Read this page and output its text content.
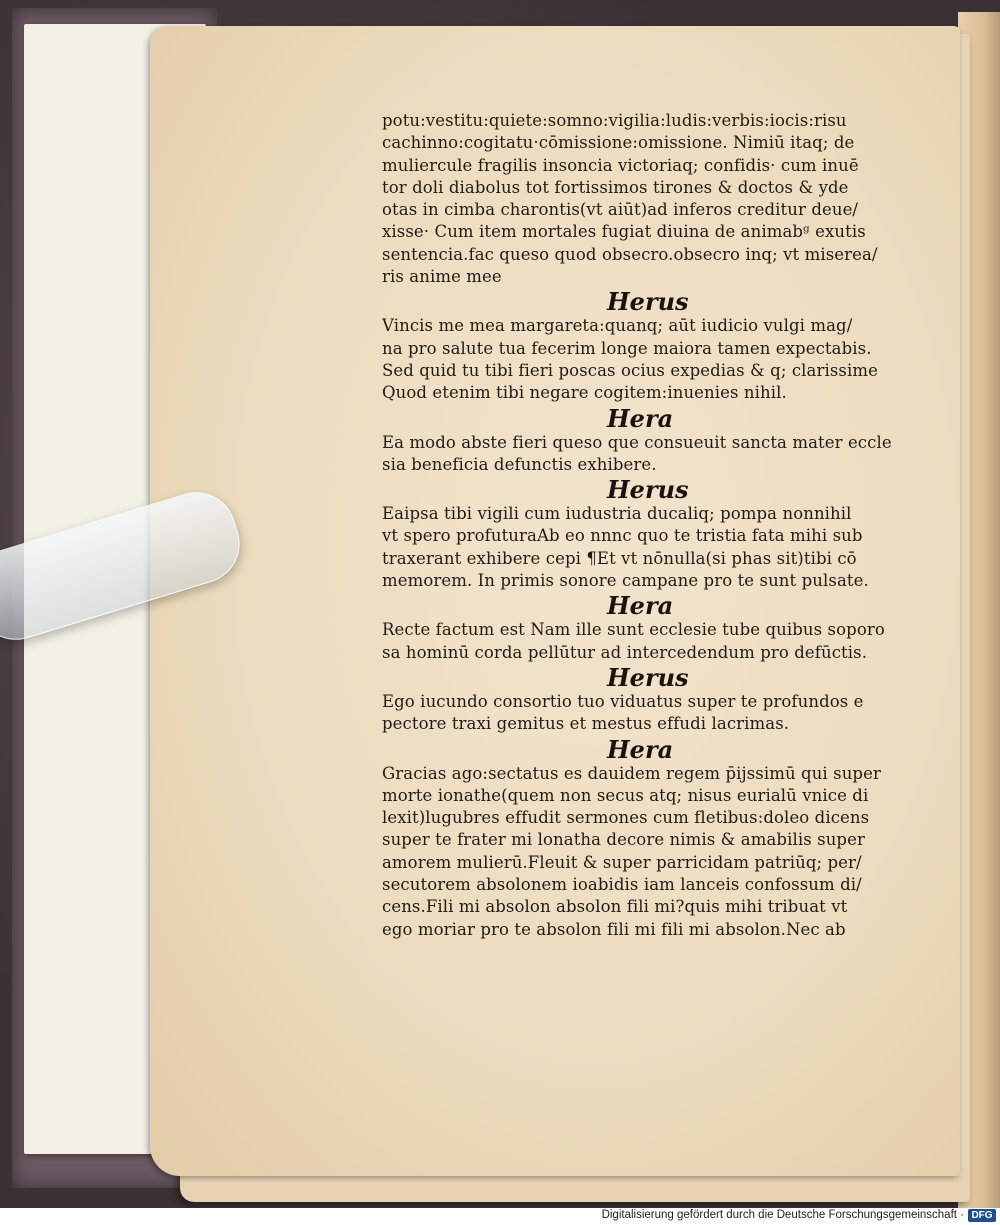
potu:vestitu:quiete:somno:vigilia:ludis:verbis:iocis:risu
cachinno:cogitatu·cōmissione:omissione. Nimiū itaq; de
muliercule fragilis insoncia victoriaq; confidis· cum inuē
tor doli diabolus tot fortissimos tirones & doctos & yde
otas in cimba charontis(vt aiūt)ad inferos creditur deue/
xisse· Cum item mortales fugiat diuina de animabᵍ exutis
sentencia.fac queso quod obsecro.obsecro inq; vt miserea/
ris anime mee
Herus
Vincis me mea margareta:quanq; aūt iudicio vulgi mag/
na pro salute tua fecerim longe maiora tamen expectabis.
Sed quid tu tibi fieri poscas ocius expedias & q; clarissime
Quod etenim tibi negare cogitem:inuenies nihil.
Hera
Ea modo abste fieri queso que consueuit sancta mater eccle
sia beneficia defunctis exhibere.
Herus
Eaipsa tibi vigili cum iudustria ducaliq; pompa nonnihil
vt spero profuturaAb eo nnnc quo te tristia fata mihi sub
traxerant exhibere cepi ¶Et vt nōnulla(si phas sit)tibi cō
memorem. In primis sonore campane pro te sunt pulsate.
Hera
Recte factum est Nam ille sunt ecclesie tube quibus soporo
sa hominū corda pellūtur ad intercedendum pro defūctis.
Herus
Ego iucundo consortio tuo viduatus super te profundos e
pectore traxi gemitus et mestus effudi lacrimas.
Hera
Gracias ago:sectatus es dauidem regem p̄ijssimū qui super
morte ionathe(quem non secus atq; nisus eurialū vnice di
lexit)lugubres effudit sermones cum fletibus:doleo dicens
super te frater mi lonatha decore nimis & amabilis super
amorem mulierū.Fleuit & super parricidam patriūq; per/
secutorem absolonem ioabidis iam lanceis confossum di/
cens.Fili mi absolon absolon fili mi?quis mihi tribuat vt
ego moriar pro te absolon fili mi fili mi absolon.Nec ab
Digitalisierung gefördert durch die Deutsche Forschungsgemeinschaft · DFG
